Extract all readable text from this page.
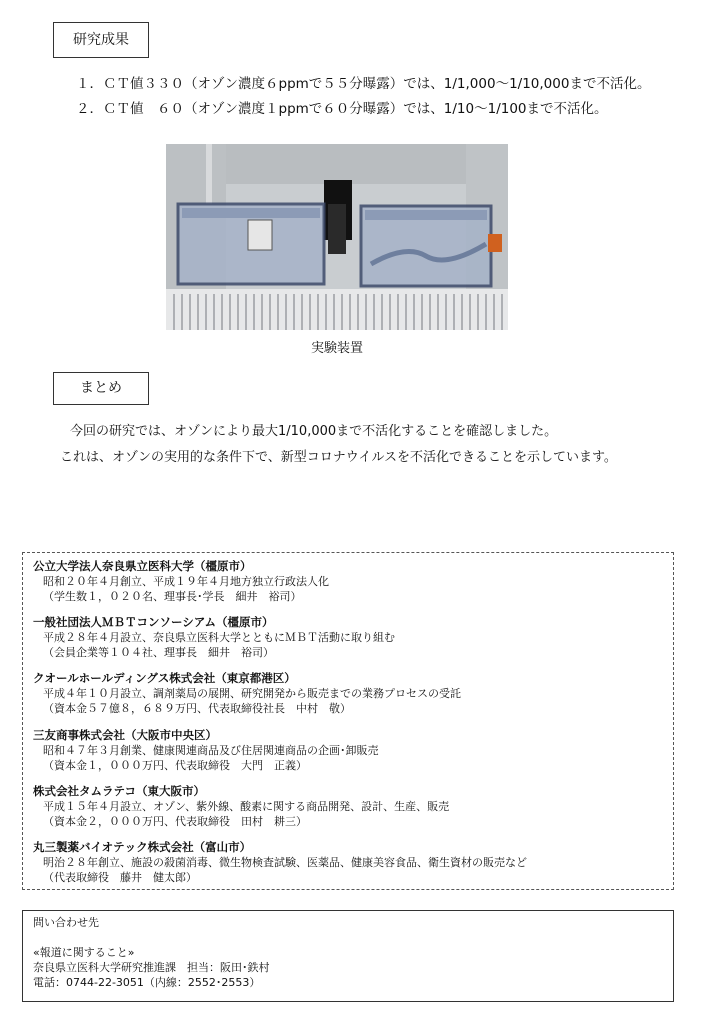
研究成果
１．ＣＴ値３３０（オゾン濃度６ppmで５５分曝露）では、1/1,000～1/10,000まで不活化。
２．ＣＴ値　６０（オゾン濃度１ppmで６０分曝露）では、1/10～1/100まで不活化。
実験装置
まとめ
今回の研究では、オゾンにより最大1/10,000まで不活化することを確認しました。
これは、オゾンの実用的な条件下で、新型コロナウイルスを不活化できることを示しています。
公立大学法人奈良県立医科大学（橿原市）
昭和２０年４月創立、平成１９年４月地方独立行政法人化
（学生数１，０２０名、理事長･学長　細井　裕司）
一般社団法人ＭＢＴコンソーシアム（橿原市）
平成２８年４月設立、奈良県立医科大学とともにＭＢＴ活動に取り組む
（会員企業等１０４社、理事長　細井　裕司）
クオールホールディングス株式会社（東京都港区）
平成４年１０月設立、調剤薬局の展開、研究開発から販売までの業務プロセスの受託
（資本金５７億８，６８９万円、代表取締役社長　中村　敬）
三友商事株式会社（大阪市中央区）
昭和４７年３月創業、健康関連商品及び住居関連商品の企画･卸販売
（資本金１，０００万円、代表取締役　大門　正義）
株式会社タムラテコ（東大阪市）
平成１５年４月設立、オゾン、紫外線、酸素に関する商品開発、設計、生産、販売
（資本金２，０００万円、代表取締役　田村　耕三）
丸三製薬バイオテック株式会社（富山市）
明治２８年創立、施設の殺菌消毒、微生物検査試験、医薬品、健康美容食品、衛生資材の販売など
（代表取締役　藤井　健太郎）
問い合わせ先
«報道に関すること»
奈良県立医科大学研究推進課　担当：阪田･鉄村
電話：0744-22-3051（内線：2552･2553）
